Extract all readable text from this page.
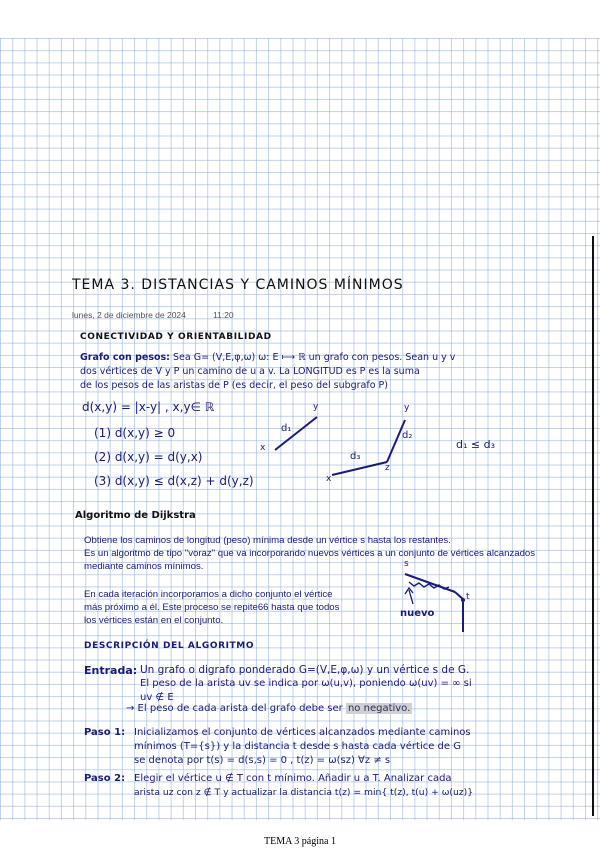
TEMA 3. DISTANCIAS Y CAMINOS MÍNIMOS
lunes, 2 de diciembre de 2024	11:20
CONECTIVIDAD Y ORIENTABILIDAD
Grafo con pesos: Sea G= (V,E,φ,ω) ω: E ⟼ ℝ un grafo con pesos. Sean u y v
dos vértices de V y P un camino de u a v. La LONGITUD es P es la suma
de los pesos de las aristas de P (es decir, el peso del subgrafo P)
d(x,y) = |x-y| , x,y∈ ℝ
(1) d(x,y) ≥ 0
(2) d(x,y) = d(y,x)
(3) d(x,y) ≤ d(x,z) + d(y,z)
x
y
d₁
x
d₃
z
d₂
y
d₁ ≤ d₃
Algoritmo de Dijkstra
Obtiene los caminos de longitud (peso) mínima desde un vértice s hasta los restantes.
Es un algoritmo de tipo "voraz" que va incorporando nuevos vértices a un conjunto de vértices alcanzados
mediante caminos mínimos.
En cada iteración incorporamos a dicho conjunto el vértice
más próximo a él. Este proceso se repite66 hasta que todos
los vértices están en el conjunto.
s
t
nuevo
DESCRIPCIÓN DEL ALGORITMO
Entrada: Un grafo o digrafo ponderado G=(V,E,φ,ω) y un vértice s de G.
El peso de la arista uv se indica por ω(u,v), poniendo ω(uv) = ∞ si
uv ∉ E
→ El peso de cada arista del grafo debe ser no negativo.
Paso 1: Inicializamos el conjunto de vértices alcanzados mediante caminos
mínimos (T={s}) y la distancia t desde s hasta cada vértice de G
se denota por t(s) = d(s,s) = 0 , t(z) = ω(sz) ∀z ≠ s
Paso 2: Elegir el vértice u ∉ T con t mínimo. Añadir u a T. Analizar cada
arista uz con z ∉ T y actualizar la distancia t(z) = min{ t(z), t(u) + ω(uz)}
TEMA 3 página 1
